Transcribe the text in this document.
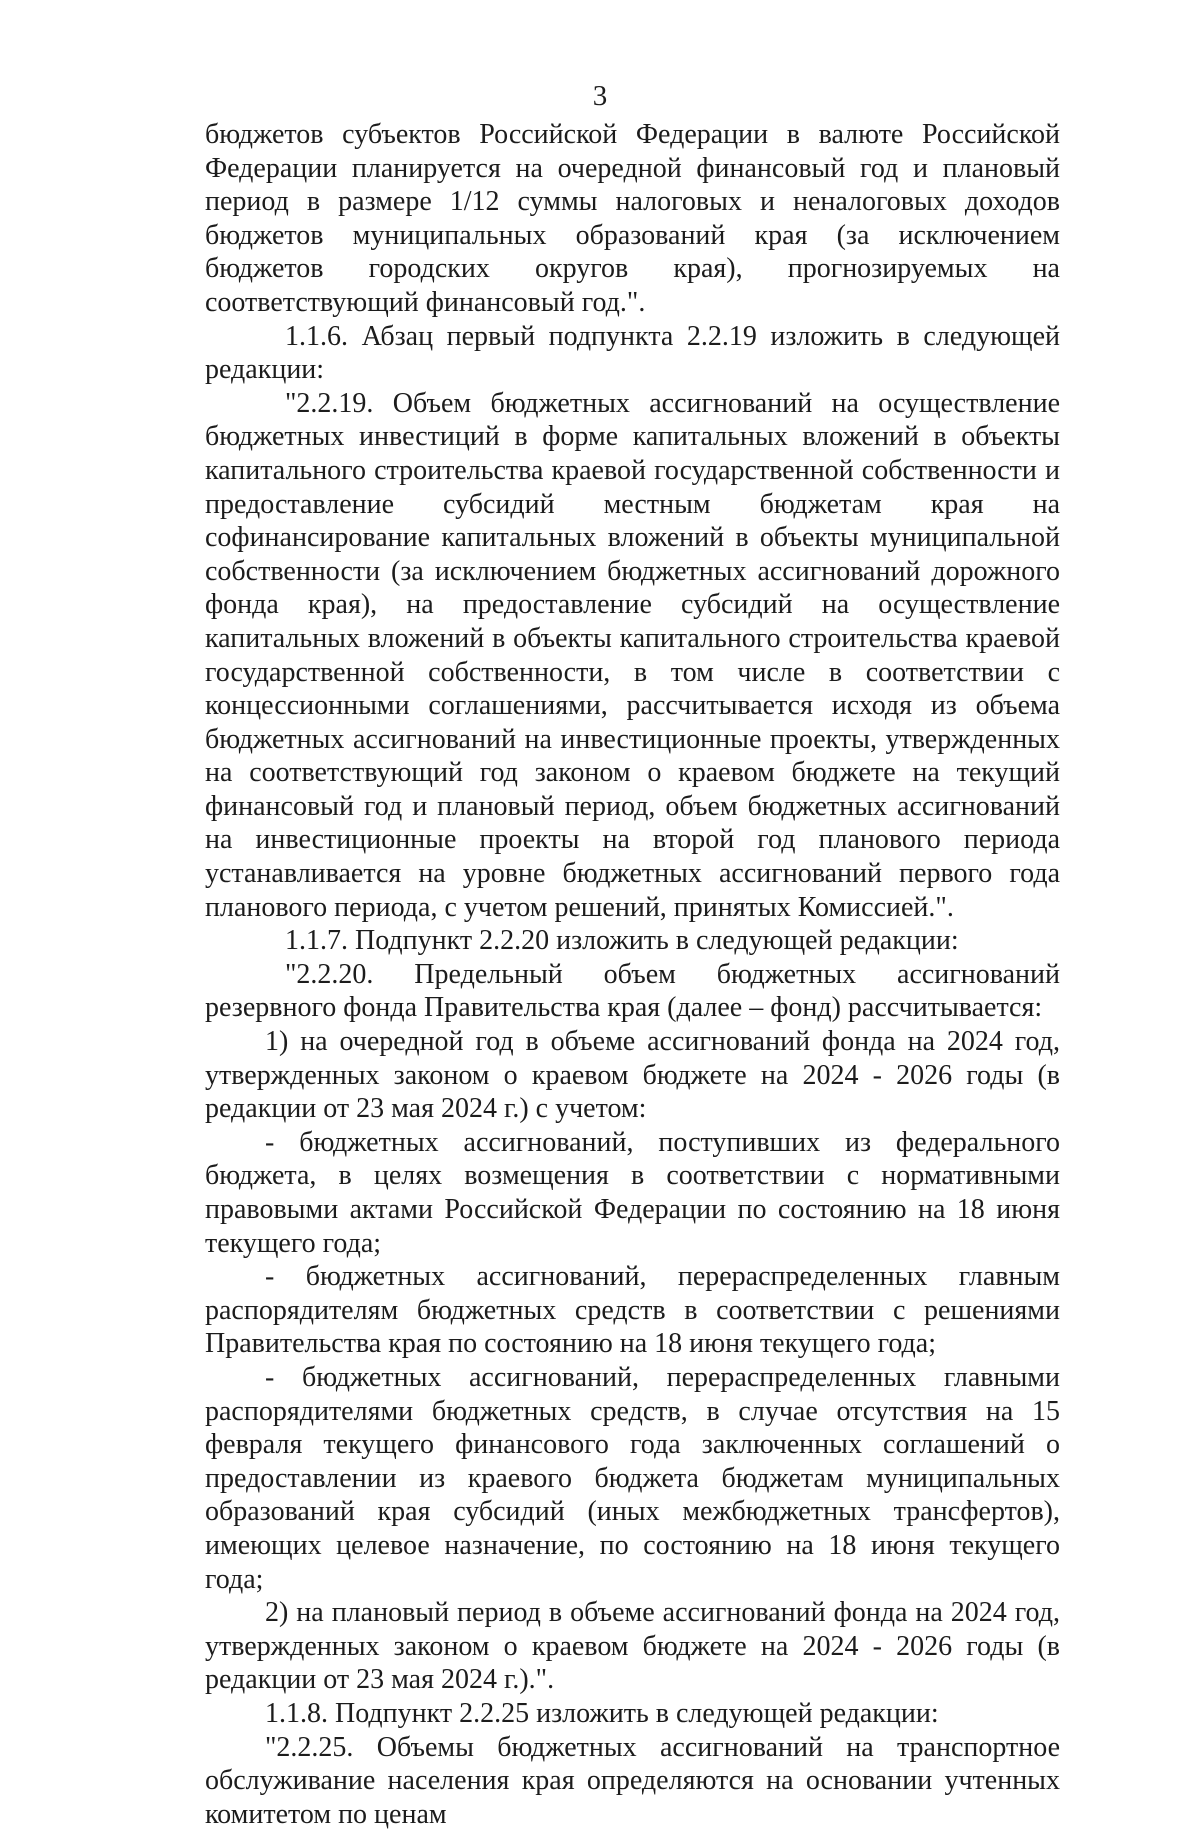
3

бюджетов субъектов Российской Федерации в валюте Российской Федерации планируется на очередной финансовый год и плановый период в размере 1/12 суммы налоговых и неналоговых доходов бюджетов муниципальных образований края (за исключением бюджетов городских округов края), прогнозируемых на соответствующий финансовый год.".

1.1.6. Абзац первый подпункта 2.2.19 изложить в следующей редакции:

"2.2.19. Объем бюджетных ассигнований на осуществление бюджетных инвестиций в форме капитальных вложений в объекты капитального строительства краевой государственной собственности и предоставление субсидий местным бюджетам края на софинансирование капитальных вложений в объекты муниципальной собственности (за исключением бюджетных ассигнований дорожного фонда края), на предоставление субсидий на осуществление капитальных вложений в объекты капитального строительства краевой государственной собственности, в том числе в соответствии с концессионными соглашениями, рассчитывается исходя из объема бюджетных ассигнований на инвестиционные проекты, утвержденных на соответствующий год законом о краевом бюджете на текущий финансовый год и плановый период, объем бюджетных ассигнований на инвестиционные проекты на второй год планового периода устанавливается на уровне бюджетных ассигнований первого года планового периода, с учетом решений, принятых Комиссией.".

1.1.7. Подпункт 2.2.20 изложить в следующей редакции:

"2.2.20. Предельный объем бюджетных ассигнований резервного фонда Правительства края (далее – фонд) рассчитывается:

1) на очередной год в объеме ассигнований фонда на 2024 год, утвержденных законом о краевом бюджете на 2024 - 2026 годы (в редакции от 23 мая 2024 г.) с учетом:

- бюджетных ассигнований, поступивших из федерального бюджета, в целях возмещения в соответствии с нормативными правовыми актами Российской Федерации по состоянию на 18 июня текущего года;

- бюджетных ассигнований, перераспределенных главным распорядителям бюджетных средств в соответствии с решениями Правительства края по состоянию на 18 июня текущего года;

- бюджетных ассигнований, перераспределенных главными распорядителями бюджетных средств, в случае отсутствия на 15 февраля текущего финансового года заключенных соглашений о предоставлении из краевого бюджета бюджетам муниципальных образований края субсидий (иных межбюджетных трансфертов), имеющих целевое назначение, по состоянию на 18 июня текущего года;

2) на плановый период в объеме ассигнований фонда на 2024 год, утвержденных законом о краевом бюджете на 2024 - 2026 годы (в редакции от 23 мая 2024 г.).".

1.1.8. Подпункт 2.2.25 изложить в следующей редакции:

"2.2.25. Объемы бюджетных ассигнований на транспортное обслуживание населения края определяются на основании учтенных комитетом по ценам
